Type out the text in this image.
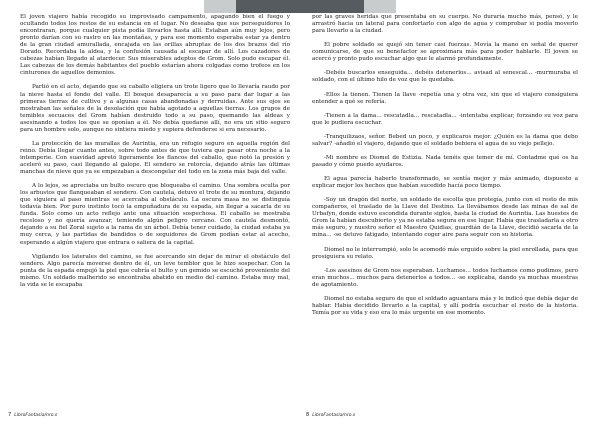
El joven viajero había recogido su improvisado campamento, apagando bien el fuego y ocultando todos los restos de su estancia en el lugar. No deseaba que sus perseguidores lo encontraran, porque cualquier pista podía llevarlos hasta allí. Estaban aún muy lejos, pero pronto darían con su rastro en las montañas, y para ese momento esperaba estar ya dentro de la gran ciudad amurallada, encajada en las orillas abruptas de los dos brazos del río Dorado. Recordaba la aldea, y la confusión causada al escapar de allí. Los cazadores de cabezas habían llegado al atardecer. Sus miserables adeptos de Grom. Solo pudo escapar él. Las cabezas de los demás habitantes del pueblo estarían ahora colgadas como trofeos en los cinturones de aquellos demonios.

Partió en el acto, dejando que su caballo eligiera un trote ligero que lo llevaría raudo por la nieve hasta el fondo del valle. El bosque desaparecía a su paso para dar lugar a las primeras tierras de cultivo y a algunas casas abandonadas y derruidas. Ante sus ojos se mostraban las señales de la desolación que había agotado a aquellas tierras. Los grupos de temibles secuaces del Grom habían destruido todo a su paso, quemando las aldeas y asesinando a todos los que se oponían a él. No debía quedarse allí, no era un sitio seguro para un hombre solo, aunque no sintiera miedo y supiera defenderse si era necesario.

La protección de las murallas de Aurintia, era un refugio seguro en aquella región del reino. Debía llegar cuanto antes, sobre todo antes de que tuviera que pasar otra noche a la intemperie. Con suavidad apretó ligeramente los flancos del caballo, que notó la presión y aceleró su paso, casi llegando al galope. El sendero se retorcía, dejando atrás las últimas manchas de nieve que ya se empezaban a descongelar del todo en la zona más baja del valle.

A lo lejos, se apreciaba un bulto oscuro que bloqueaba el camino. Una sombra oculta por los arbustos que flanqueaban el sendero. Con cautela, detuvo el trote de su montura, dejando que siguiera al paso mientras se acercaba al obstáculo. La oscura masa no se distinguía todavía bien. Por puro instinto tocó la empuñadura de su espada, sin llegar a sacarla de su funda. Solo como un acto reflejo ante una situación sospechosa. El caballo se mostraba receloso y no quería avanzar, temiendo algún peligro cercano. Con cautela desmontó, dejando a su fiel Zoral sujeto a la rama de un árbol. Debía tener cuidado, la ciudad estaba ya muy cerca, y las partidas de bandidos o de seguidores de Grom podían estar al acecho, esperando a algún viajero que entrara o saliera de la capital.

Vigilando los laterales del camino, se fue acercando sin dejar de mirar el obstáculo del sendero. Algo parecía moverse dentro de él, un leve temblor que le hizo sospechar. Con la punta de la espada empujó la piel que cubría el bulto y un gemido se escuchó proveniente del mismo. Un soldado malherido se encontraba abatido en medio del camino. Estaba muy mal, la vida se le escapaba

por las graves heridas que presentaba en su cuerpo. No duraría mucho más, pensó, y le arrastró hacia un lateral para confortarlo con algo de agua y comprobar si podía moverlo para llevarlo a la ciudad.

El pobre soldado se quejó sin tener casi fuerzas. Movía la mano en señal de querer comunicarse, de que su benefactor se aproximara más para poder hablarle. El joven se acercó y pronto pudo escuchar algo que le alarmó profundamente.

-Debéis buscarlos enseguida... debéis detenerlos... avisad al senescal... -murmuraba el soldado, con el último hilo de voz que le quedaba.

-Ellos la tienen. Tienen la llave -repetía una y otra vez, sin que el viajero consiguiera entender a qué se refería.

-Tienen a la dama... rescatadla... rescatadla... -intentaba explicar, forzando su voz para que le pudiera escuchar.

-Tranquilizaos, señor. Bebed un poco, y explicaros mejor. ¿Quién es la dama que debo salvar? -añadió el viajero, dejando que el soldado bebiera el agua de su viejo pellejo.

-Mi nombre es Diomel de Estizia. Nada tenéis que temer de mí. Contadme qué os ha pasado y cómo puedo ayudaros.

El agua parecía haberlo transformado, se sentía mejor y más animado, dispuesto a explicar mejor los hechos que habían sucedido hacía poco tiempo.

-Soy un dragón del norte, un soldado de escolta que protegía, junto con el resto de mis compañeros, el traslado de la Llave del Destino. La llevábamos desde las minas de sal de Urbafyn, donde estuvo escondida durante siglos, hasta la ciudad de Aurintia. Las huestes de Grom la habían descubierto y ya no estaba segura en ese lugar. Había que trasladarla a otro más seguro, y nuestro señor el Maestro Quidias, guardián de la Llave, decidió sacarla de la mina... -se detuvo fatigado, intentando coger aire para seguir con su historia.

Diomel no le interrumpió, solo le acomodó más erguido sobre la piel enrollada, para que prosiguiera su relato.

-Los asesinos de Grom nos esperaban. Luchamos... todos luchamos como pudimos, pero eran muchos... muchos para detenerlos a todos... -se explicaba, dando ya muchas muestras de agotamiento.

Diomel no estaba seguro de que el soldado aguantara más y le indicó que debía dejar de hablar. Había decidido llevarlo a la capital, y allí podría escuchar el resto de la historia. Temía por su vida y eso era lo más urgente en ese momento.

7 LibroFantasía/nro.s	8 LibroFantasía/nro.s
